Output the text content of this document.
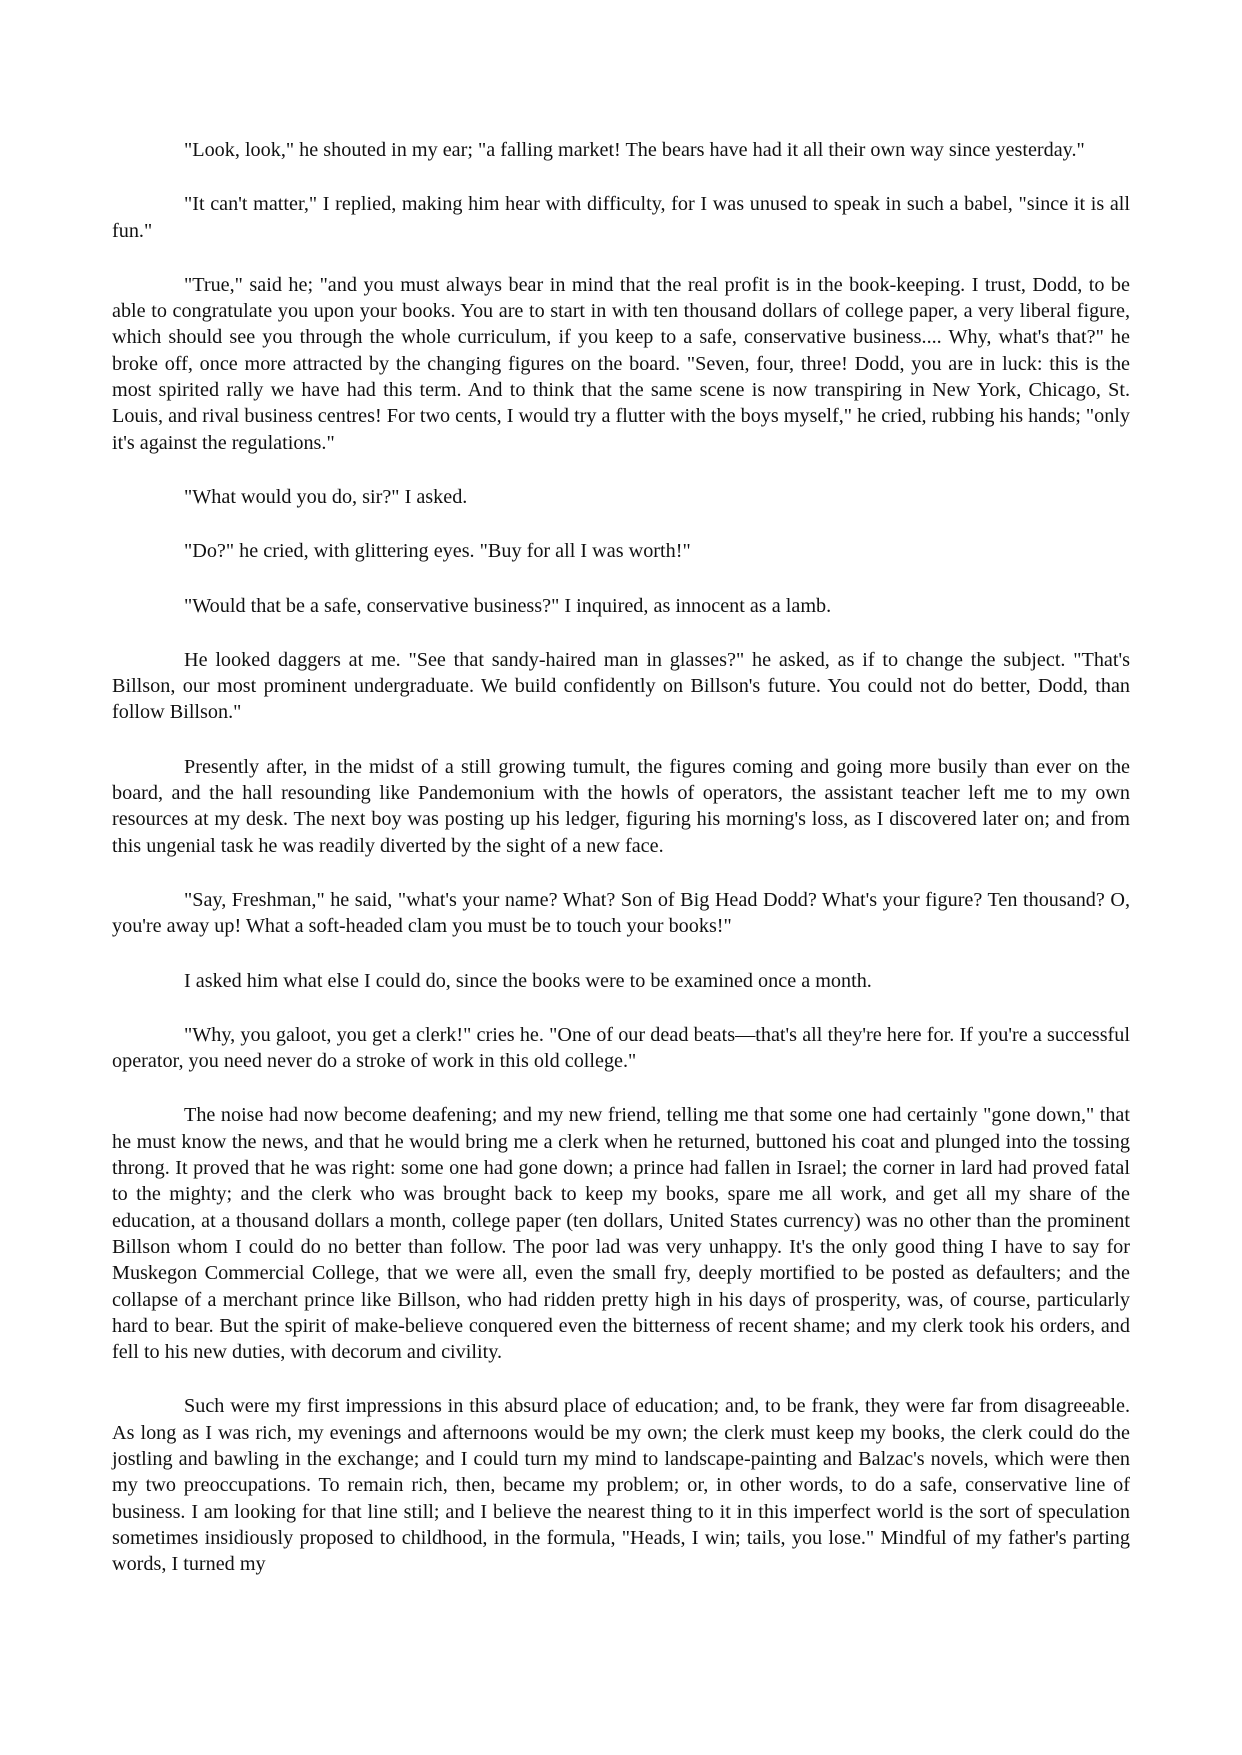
"Look, look," he shouted in my ear; "a falling market! The bears have had it all their own way since yesterday."

"It can't matter," I replied, making him hear with difficulty, for I was unused to speak in such a babel, "since it is all fun."

"True," said he; "and you must always bear in mind that the real profit is in the book-keeping. I trust, Dodd, to be able to congratulate you upon your books. You are to start in with ten thousand dollars of college paper, a very liberal figure, which should see you through the whole curriculum, if you keep to a safe, conservative business.... Why, what's that?" he broke off, once more attracted by the changing figures on the board. "Seven, four, three! Dodd, you are in luck: this is the most spirited rally we have had this term. And to think that the same scene is now transpiring in New York, Chicago, St. Louis, and rival business centres! For two cents, I would try a flutter with the boys myself," he cried, rubbing his hands; "only it's against the regulations."

"What would you do, sir?" I asked.

"Do?" he cried, with glittering eyes. "Buy for all I was worth!"

"Would that be a safe, conservative business?" I inquired, as innocent as a lamb.

He looked daggers at me. "See that sandy-haired man in glasses?" he asked, as if to change the subject. "That's Billson, our most prominent undergraduate. We build confidently on Billson's future. You could not do better, Dodd, than follow Billson."

Presently after, in the midst of a still growing tumult, the figures coming and going more busily than ever on the board, and the hall resounding like Pandemonium with the howls of operators, the assistant teacher left me to my own resources at my desk. The next boy was posting up his ledger, figuring his morning's loss, as I discovered later on; and from this ungenial task he was readily diverted by the sight of a new face.

"Say, Freshman," he said, "what's your name? What? Son of Big Head Dodd? What's your figure? Ten thousand? O, you're away up! What a soft-headed clam you must be to touch your books!"

I asked him what else I could do, since the books were to be examined once a month.

"Why, you galoot, you get a clerk!" cries he. "One of our dead beats—that's all they're here for. If you're a successful operator, you need never do a stroke of work in this old college."

The noise had now become deafening; and my new friend, telling me that some one had certainly "gone down," that he must know the news, and that he would bring me a clerk when he returned, buttoned his coat and plunged into the tossing throng. It proved that he was right: some one had gone down; a prince had fallen in Israel; the corner in lard had proved fatal to the mighty; and the clerk who was brought back to keep my books, spare me all work, and get all my share of the education, at a thousand dollars a month, college paper (ten dollars, United States currency) was no other than the prominent Billson whom I could do no better than follow. The poor lad was very unhappy. It's the only good thing I have to say for Muskegon Commercial College, that we were all, even the small fry, deeply mortified to be posted as defaulters; and the collapse of a merchant prince like Billson, who had ridden pretty high in his days of prosperity, was, of course, particularly hard to bear. But the spirit of make-believe conquered even the bitterness of recent shame; and my clerk took his orders, and fell to his new duties, with decorum and civility.

Such were my first impressions in this absurd place of education; and, to be frank, they were far from disagreeable. As long as I was rich, my evenings and afternoons would be my own; the clerk must keep my books, the clerk could do the jostling and bawling in the exchange; and I could turn my mind to landscape-painting and Balzac's novels, which were then my two preoccupations. To remain rich, then, became my problem; or, in other words, to do a safe, conservative line of business. I am looking for that line still; and I believe the nearest thing to it in this imperfect world is the sort of speculation sometimes insidiously proposed to childhood, in the formula, "Heads, I win; tails, you lose." Mindful of my father's parting words, I turned my
